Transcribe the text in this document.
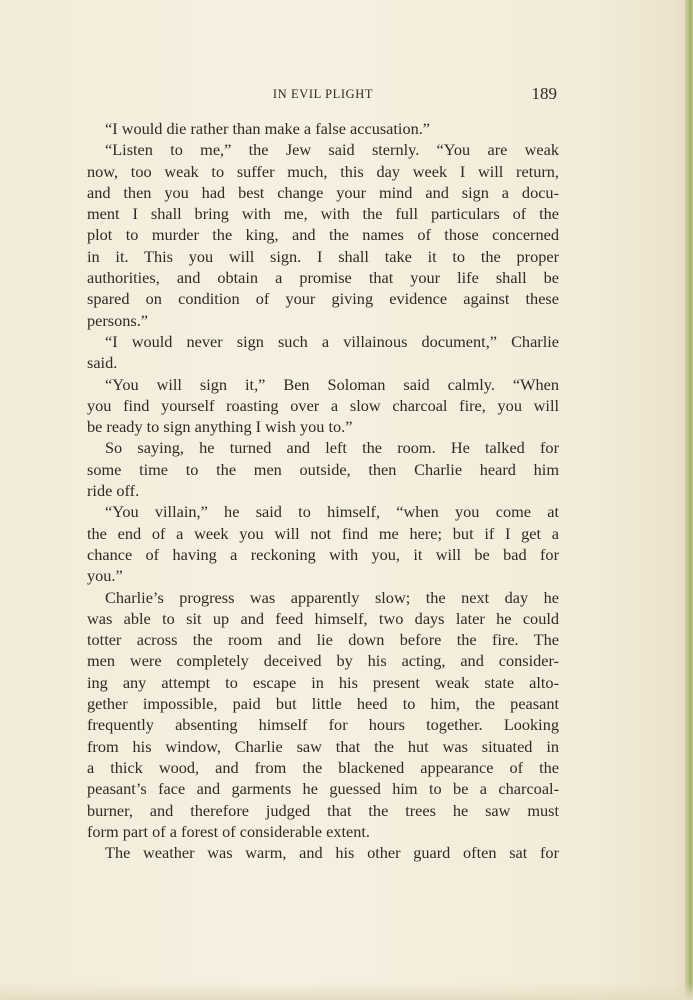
IN EVIL PLIGHT	189
“I would die rather than make a false accusation.”
“Listen to me,” the Jew said sternly. “You are weak
now, too weak to suffer much, this day week I will return,
and then you had best change your mind and sign a docu-
ment I shall bring with me, with the full particulars of the
plot to murder the king, and the names of those concerned
in it. This you will sign. I shall take it to the proper
authorities, and obtain a promise that your life shall be
spared on condition of your giving evidence against these
persons.”
“I would never sign such a villainous document,” Charlie
said.
“You will sign it,” Ben Soloman said calmly. “When
you find yourself roasting over a slow charcoal fire, you will
be ready to sign anything I wish you to.”
So saying, he turned and left the room. He talked for
some time to the men outside, then Charlie heard him
ride off.
“You villain,” he said to himself, “when you come at
the end of a week you will not find me here; but if I get a
chance of having a reckoning with you, it will be bad for
you.”
Charlie’s progress was apparently slow; the next day he
was able to sit up and feed himself, two days later he could
totter across the room and lie down before the fire. The
men were completely deceived by his acting, and consider-
ing any attempt to escape in his present weak state alto-
gether impossible, paid but little heed to him, the peasant
frequently absenting himself for hours together. Looking
from his window, Charlie saw that the hut was situated in
a thick wood, and from the blackened appearance of the
peasant’s face and garments he guessed him to be a charcoal-
burner, and therefore judged that the trees he saw must
form part of a forest of considerable extent.
The weather was warm, and his other guard often sat for
